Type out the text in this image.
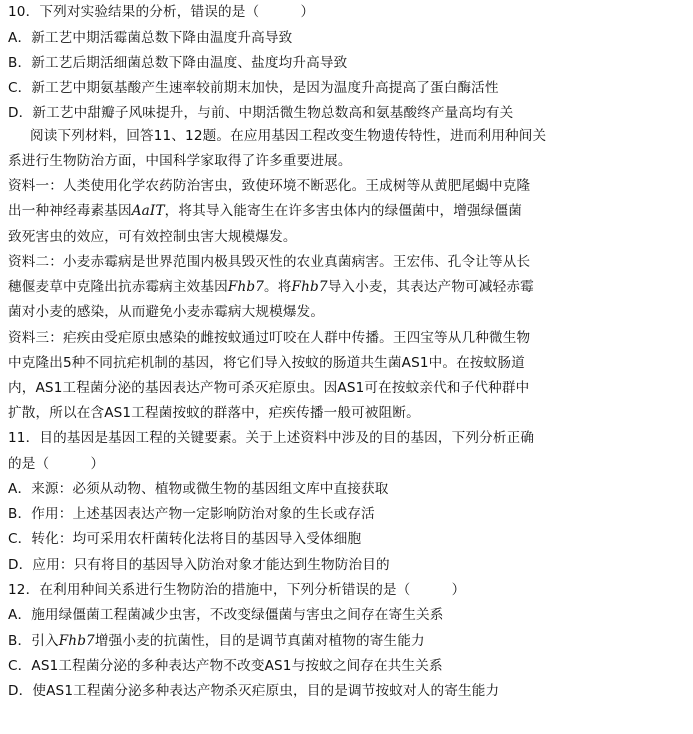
10．下列对实验结果的分析，错误的是（　　　）
A．新工艺中期活霉菌总数下降由温度升高导致
B．新工艺后期活细菌总数下降由温度、盐度均升高导致
C．新工艺中期氨基酸产生速率较前期末加快，是因为温度升高提高了蛋白酶活性
D．新工艺中甜瓣子风味提升，与前、中期活微生物总数高和氨基酸终产量高均有关
阅读下列材料，回答11、12题。在应用基因工程改变生物遗传特性，进而利用种间关
系进行生物防治方面，中国科学家取得了许多重要进展。
资料一：人类使用化学农药防治害虫，致使环境不断恶化。王成树等从黄肥尾蝎中克隆
出一种神经毒素基因AaIT，将其导入能寄生在许多害虫体内的绿僵菌中，增强绿僵菌
致死害虫的效应，可有效控制虫害大规模爆发。
资料二：小麦赤霉病是世界范围内极具毁灭性的农业真菌病害。王宏伟、孔令让等从长
穗偃麦草中克隆出抗赤霉病主效基因Fhb7。将Fhb7导入小麦，其表达产物可减轻赤霉
菌对小麦的感染，从而避免小麦赤霉病大规模爆发。
资料三：疟疾由受疟原虫感染的雌按蚊通过叮咬在人群中传播。王四宝等从几种微生物
中克隆出5种不同抗疟机制的基因，将它们导入按蚊的肠道共生菌AS1中。在按蚊肠道
内，AS1工程菌分泌的基因表达产物可杀灭疟原虫。因AS1可在按蚊亲代和子代种群中
扩散，所以在含AS1工程菌按蚊的群落中，疟疾传播一般可被阻断。
11．目的基因是基因工程的关键要素。关于上述资料中涉及的目的基因，下列分析正确
的是（　　　）
A．来源：必须从动物、植物或微生物的基因组文库中直接获取
B．作用：上述基因表达产物一定影响防治对象的生长或存活
C．转化：均可采用农杆菌转化法将目的基因导入受体细胞
D．应用：只有将目的基因导入防治对象才能达到生物防治目的
12．在利用种间关系进行生物防治的措施中，下列分析错误的是（　　　）
A．施用绿僵菌工程菌减少虫害，不改变绿僵菌与害虫之间存在寄生关系
B．引入Fhb7增强小麦的抗菌性，目的是调节真菌对植物的寄生能力
C．AS1工程菌分泌的多种表达产物不改变AS1与按蚊之间存在共生关系
D．使AS1工程菌分泌多种表达产物杀灭疟原虫，目的是调节按蚊对人的寄生能力
